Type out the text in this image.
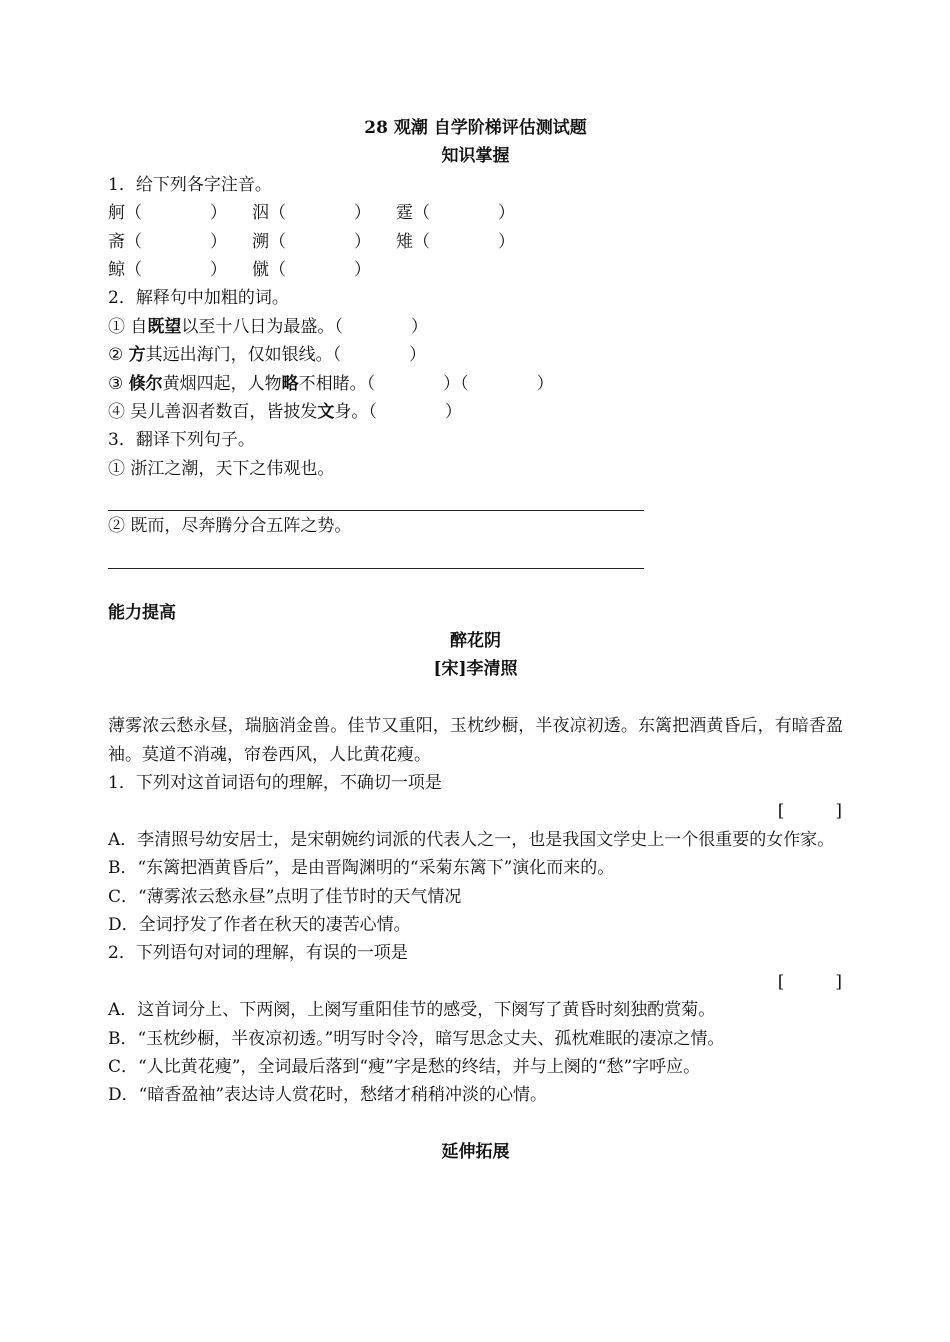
28 观潮 自学阶梯评估测试题
知识掌握
1．给下列各字注音。
舸（　　　　） 泅（　　　　） 霆（　　　　）
斋（　　　　） 溯（　　　　） 雉（　　　　）
鲸（　　　　） 僦（　　　　）
2．解释句中加粗的词。
① 自既望以至十八日为最盛。（　　　　）
② 方其远出海门，仅如银线。（　　　　）
③ 倏尔黄烟四起，人物略不相睹。（　　　　）（　　　　）
④ 吴儿善泅者数百，皆披发文身。（　　　　）
3．翻译下列句子。
① 浙江之潮，天下之伟观也。
② 既而，尽奔腾分合五阵之势。
能力提高
醉花阴
[宋]李清照
薄雾浓云愁永昼，瑞脑消金兽。佳节又重阳，玉枕纱橱，半夜凉初透。东篱把酒黄昏后，有暗香盈袖。莫道不消魂，帘卷西风，人比黄花瘦。
1．下列对这首词语句的理解，不确切一项是
[　　　]
A．李清照号幼安居士，是宋朝婉约词派的代表人之一，也是我国文学史上一个很重要的女作家。
B．“东篱把酒黄昏后”，是由晋陶渊明的“采菊东篱下”演化而来的。
C．“薄雾浓云愁永昼”点明了佳节时的天气情况
D．全词抒发了作者在秋天的凄苦心情。
2．下列语句对词的理解，有误的一项是
[　　　]
A．这首词分上、下两阕，上阕写重阳佳节的感受，下阕写了黄昏时刻独酌赏菊。
B．“玉枕纱橱，半夜凉初透。”明写时令冷，暗写思念丈夫、孤枕难眠的凄凉之情。
C．“人比黄花瘦”，全词最后落到“瘦”字是愁的终结，并与上阕的“愁”字呼应。
D．“暗香盈袖”表达诗人赏花时，愁绪才稍稍冲淡的心情。
延伸拓展
